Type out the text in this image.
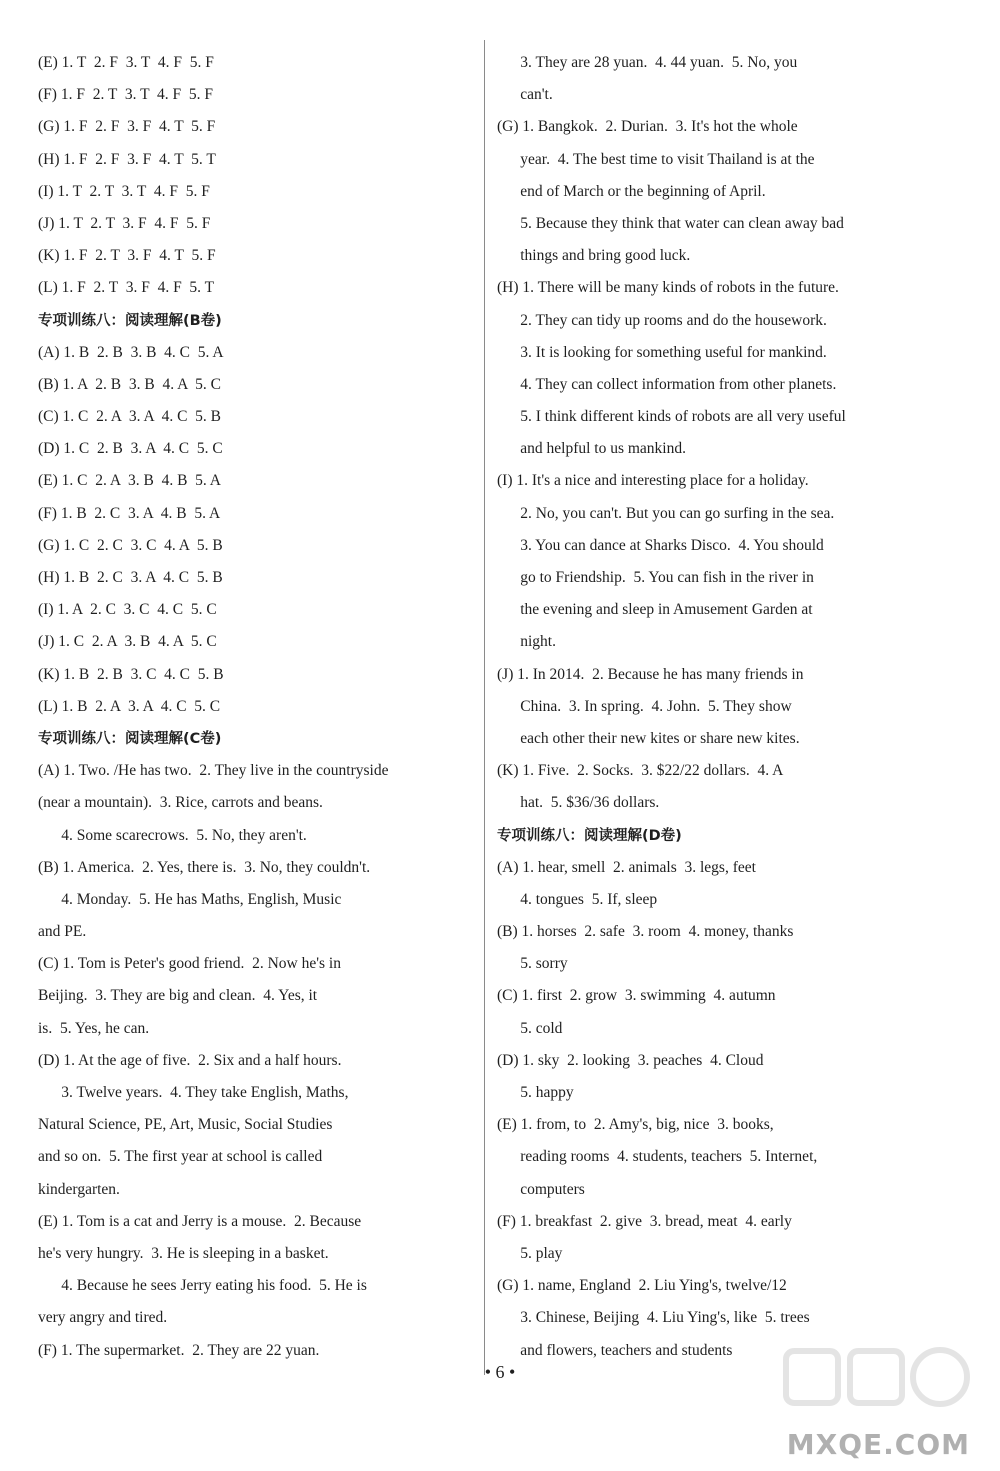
(E) 1. T  2. F  3. T  4. F  5. F
(F) 1. F  2. T  3. T  4. F  5. F
(G) 1. F  2. F  3. F  4. T  5. F
(H) 1. F  2. F  3. F  4. T  5. T
(I) 1. T  2. T  3. T  4. F  5. F
(J) 1. T  2. T  3. F  4. F  5. F
(K) 1. F  2. T  3. F  4. T  5. F
(L) 1. F  2. T  3. F  4. F  5. T
专项训练八：阅读理解(B卷)
(A) 1. B  2. B  3. B  4. C  5. A
(B) 1. A  2. B  3. B  4. A  5. C
(C) 1. C  2. A  3. A  4. C  5. B
(D) 1. C  2. B  3. A  4. C  5. C
(E) 1. C  2. A  3. B  4. B  5. A
(F) 1. B  2. C  3. A  4. B  5. A
(G) 1. C  2. C  3. C  4. A  5. B
(H) 1. B  2. C  3. A  4. C  5. B
(I) 1. A  2. C  3. C  4. C  5. C
(J) 1. C  2. A  3. B  4. A  5. C
(K) 1. B  2. B  3. C  4. C  5. B
(L) 1. B  2. A  3. A  4. C  5. C
专项训练八：阅读理解(C卷)
(A) 1. Two. /He has two.  2. They live in the countryside
(near a mountain).  3. Rice, carrots and beans.
4. Some scarecrows.  5. No, they aren't.
(B) 1. America.  2. Yes, there is.  3. No, they couldn't.
4. Monday.  5. He has Maths, English, Music
and PE.
(C) 1. Tom is Peter's good friend.  2. Now he's in
Beijing.  3. They are big and clean.  4. Yes, it
is.  5. Yes, he can.
(D) 1. At the age of five.  2. Six and a half hours.
3. Twelve years.  4. They take English, Maths,
Natural Science, PE, Art, Music, Social Studies
and so on.  5. The first year at school is called
kindergarten.
(E) 1. Tom is a cat and Jerry is a mouse.  2. Because
he's very hungry.  3. He is sleeping in a basket.
4. Because he sees Jerry eating his food.  5. He is
very angry and tired.
(F) 1. The supermarket.  2. They are 22 yuan.
3. They are 28 yuan.  4. 44 yuan.  5. No, you
can't.
(G) 1. Bangkok.  2. Durian.  3. It's hot the whole
year.  4. The best time to visit Thailand is at the
end of March or the beginning of April.
5. Because they think that water can clean away bad
things and bring good luck.
(H) 1. There will be many kinds of robots in the future.
2. They can tidy up rooms and do the housework.
3. It is looking for something useful for mankind.
4. They can collect information from other planets.
5. I think different kinds of robots are all very useful
and helpful to us mankind.
(I) 1. It's a nice and interesting place for a holiday.
2. No, you can't. But you can go surfing in the sea.
3. You can dance at Sharks Disco.  4. You should
go to Friendship.  5. You can fish in the river in
the evening and sleep in Amusement Garden at
night.
(J) 1. In 2014.  2. Because he has many friends in
China.  3. In spring.  4. John.  5. They show
each other their new kites or share new kites.
(K) 1. Five.  2. Socks.  3. $22/22 dollars.  4. A
hat.  5. $36/36 dollars.
专项训练八：阅读理解(D卷)
(A) 1. hear, smell  2. animals  3. legs, feet
4. tongues  5. If, sleep
(B) 1. horses  2. safe  3. room  4. money, thanks
5. sorry
(C) 1. first  2. grow  3. swimming  4. autumn
5. cold
(D) 1. sky  2. looking  3. peaches  4. Cloud
5. happy
(E) 1. from, to  2. Amy's, big, nice  3. books,
reading rooms  4. students, teachers  5. Internet,
computers
(F) 1. breakfast  2. give  3. bread, meat  4. early
5. play
(G) 1. name, England  2. Liu Ying's, twelve/12
3. Chinese, Beijing  4. Liu Ying's, like  5. trees
and flowers, teachers and students
• 6 •
MXQE.COM
